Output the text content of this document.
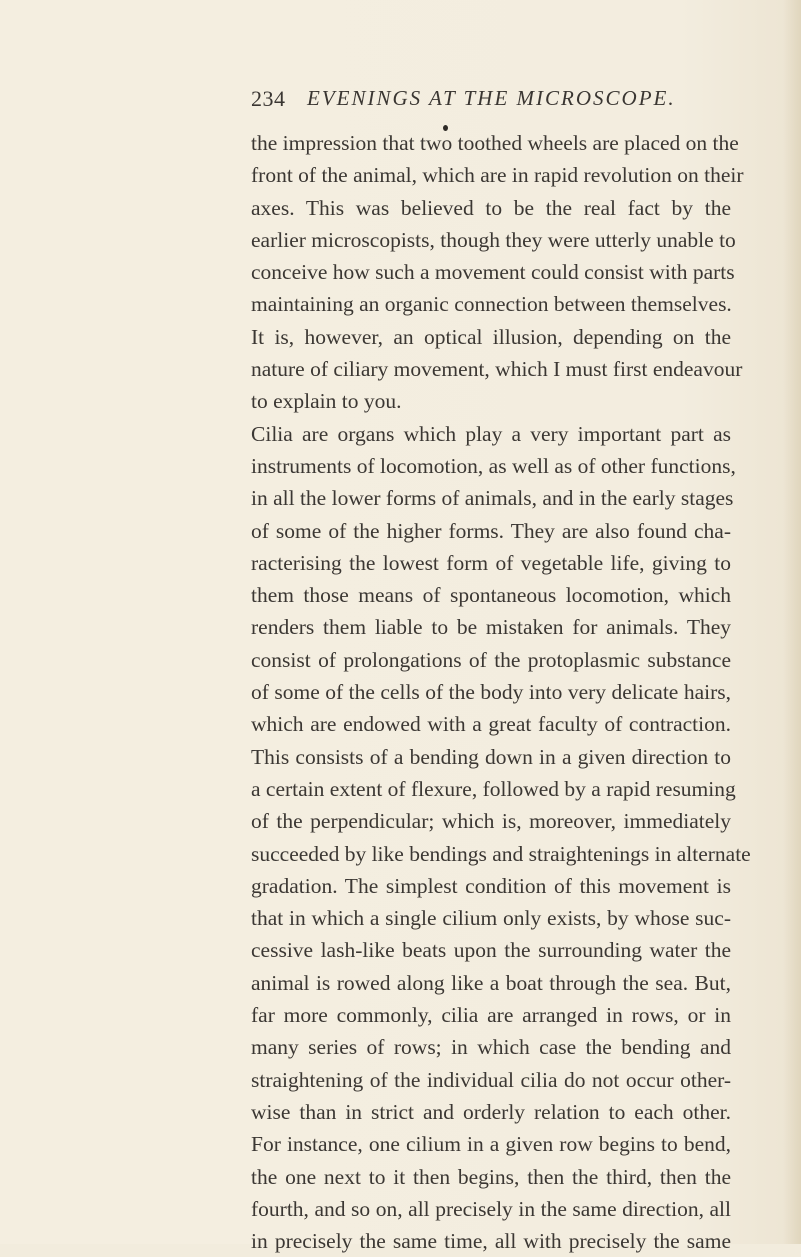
234 EVENINGS AT THE MICROSCOPE.
the impression that two toothed wheels are placed on the
front of the animal, which are in rapid revolution on their
axes. This was believed to be the real fact by the
earlier microscopists, though they were utterly unable to
conceive how such a movement could consist with parts
maintaining an organic connection between themselves.
It is, however, an optical illusion, depending on the
nature of ciliary movement, which I must first endeavour
to explain to you.
Cilia are organs which play a very important part as
instruments of locomotion, as well as of other functions,
in all the lower forms of animals, and in the early stages
of some of the higher forms. They are also found cha-
racterising the lowest form of vegetable life, giving to
them those means of spontaneous locomotion, which
renders them liable to be mistaken for animals. They
consist of prolongations of the protoplasmic substance
of some of the cells of the body into very delicate hairs,
which are endowed with a great faculty of contraction.
This consists of a bending down in a given direction to
a certain extent of flexure, followed by a rapid resuming
of the perpendicular; which is, moreover, immediately
succeeded by like bendings and straightenings in alternate
gradation. The simplest condition of this movement is
that in which a single cilium only exists, by whose suc-
cessive lash-like beats upon the surrounding water the
animal is rowed along like a boat through the sea. But,
far more commonly, cilia are arranged in rows, or in
many series of rows; in which case the bending and
straightening of the individual cilia do not occur other-
wise than in strict and orderly relation to each other.
For instance, one cilium in a given row begins to bend,
the one next to it then begins, then the third, then the
fourth, and so on, all precisely in the same direction, all
in precisely the same time, all with precisely the same
